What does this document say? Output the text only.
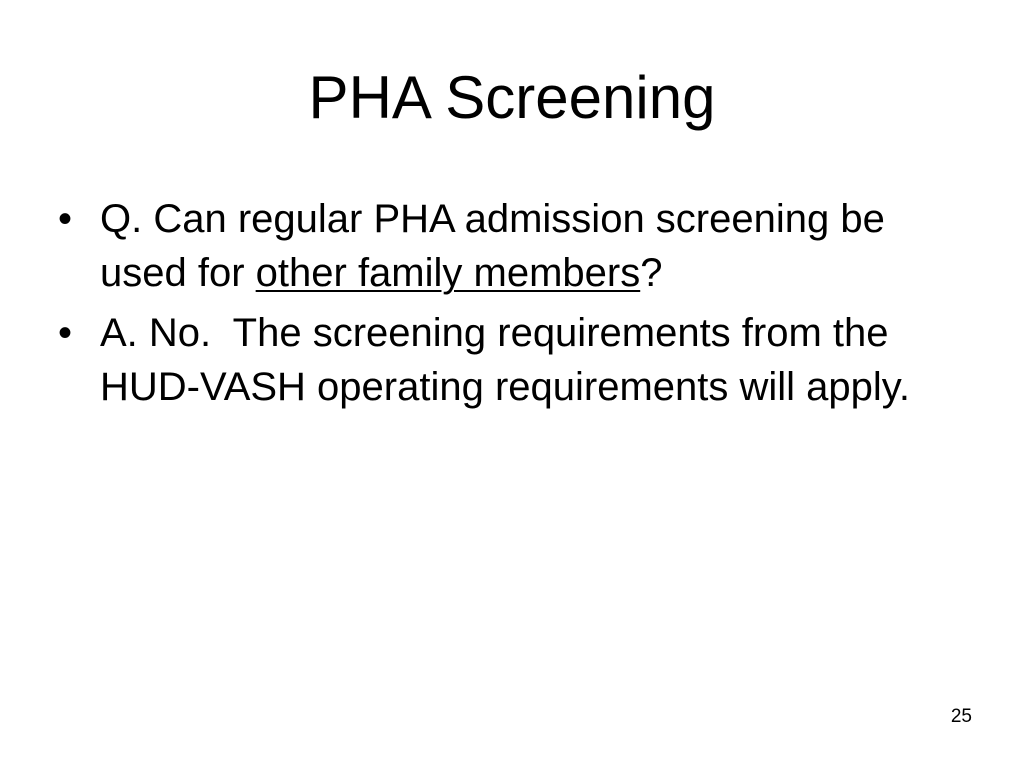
PHA Screening
• Q. Can regular PHA admission screening be used for other family members?
• A. No.  The screening requirements from the HUD-VASH operating requirements will apply.
25
